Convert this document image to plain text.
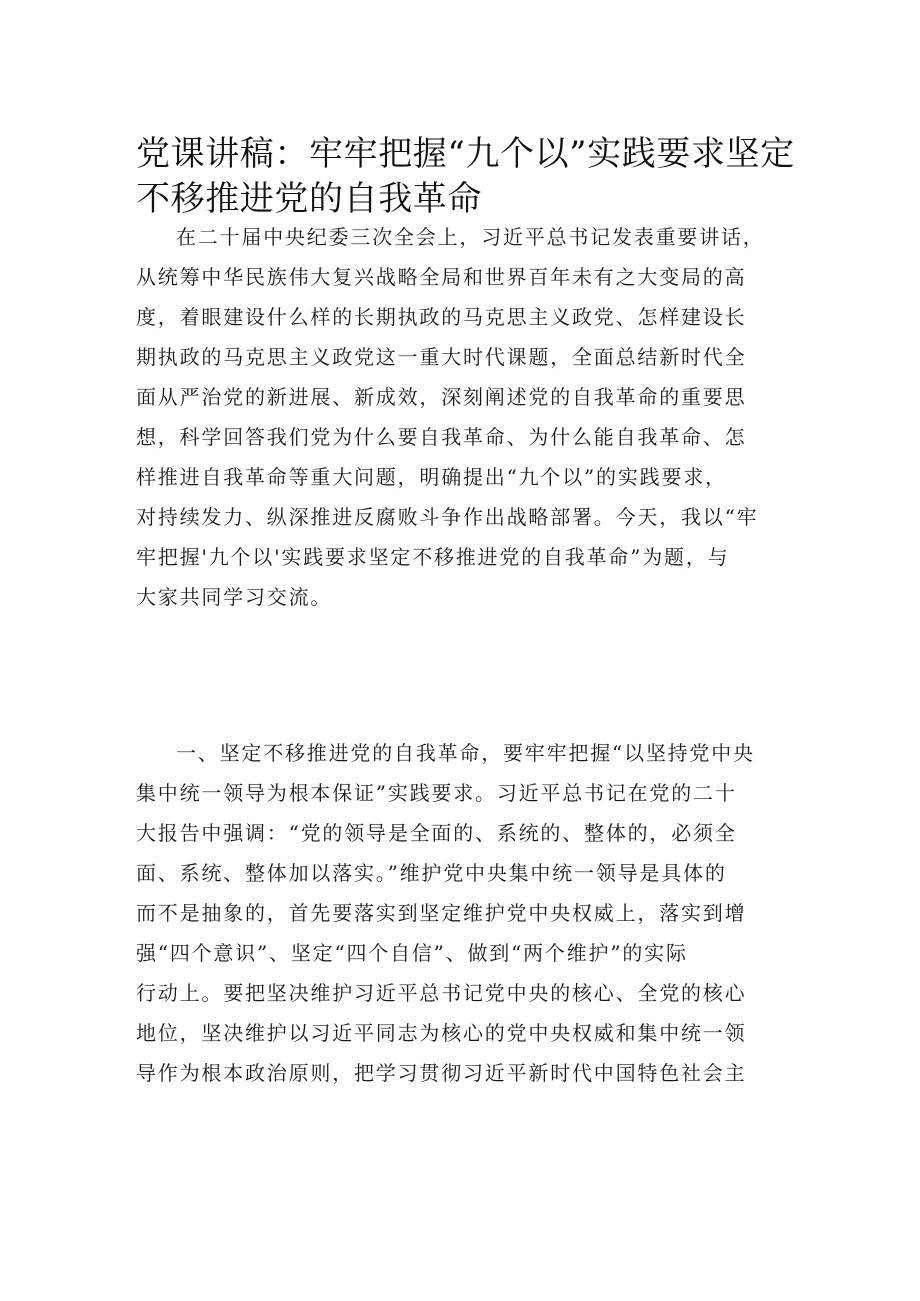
党课讲稿：牢牢把握“九个以”实践要求坚定
不移推进党的自我革命
在二十届中央纪委三次全会上，习近平总书记发表重要讲话，
从统筹中华民族伟大复兴战略全局和世界百年未有之大变局的高
度，着眼建设什么样的长期执政的马克思主义政党、怎样建设长
期执政的马克思主义政党这一重大时代课题，全面总结新时代全
面从严治党的新进展、新成效，深刻阐述党的自我革命的重要思
想，科学回答我们党为什么要自我革命、为什么能自我革命、怎
样推进自我革命等重大问题，明确提出“九个以”的实践要求，
对持续发力、纵深推进反腐败斗争作出战略部署。今天，我以“牢
牢把握'九个以'实践要求坚定不移推进党的自我革命”为题，与
大家共同学习交流。
一、坚定不移推进党的自我革命，要牢牢把握“以坚持党中央
集中统一领导为根本保证”实践要求。习近平总书记在党的二十
大报告中强调：“党的领导是全面的、系统的、整体的，必须全
面、系统、整体加以落实。”维护党中央集中统一领导是具体的
而不是抽象的，首先要落实到坚定维护党中央权威上，落实到增
强“四个意识”、坚定“四个自信”、做到“两个维护”的实际
行动上。要把坚决维护习近平总书记党中央的核心、全党的核心
地位，坚决维护以习近平同志为核心的党中央权威和集中统一领
导作为根本政治原则，把学习贯彻习近平新时代中国特色社会主
